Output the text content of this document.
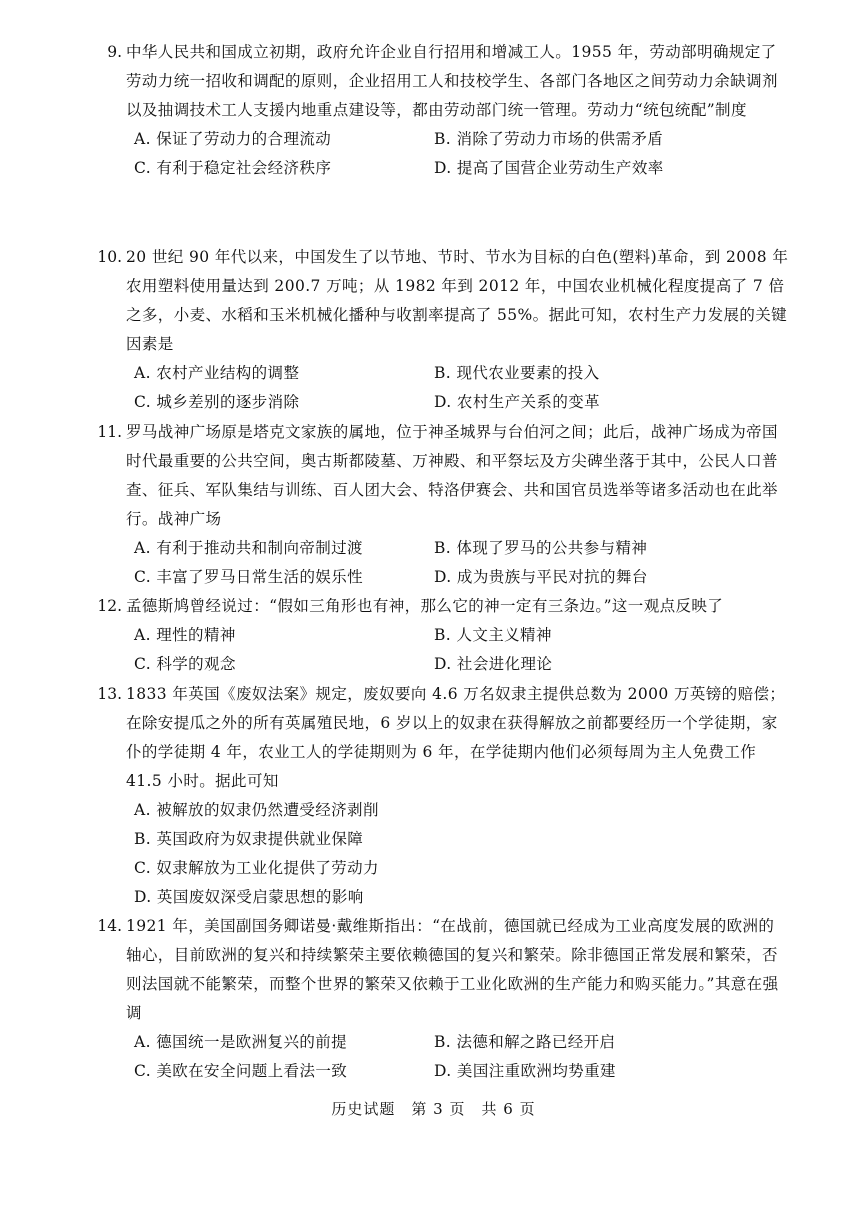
9. 中华人民共和国成立初期，政府允许企业自行招用和增减工人。1955 年，劳动部明确规定了劳动力统一招收和调配的原则，企业招用工人和技校学生、各部门各地区之间劳动力余缺调剂以及抽调技术工人支援内地重点建设等，都由劳动部门统一管理。劳动力“统包统配”制度
A. 保证了劳动力的合理流动	B. 消除了劳动力市场的供需矛盾
C. 有利于稳定社会经济秩序	D. 提高了国营企业劳动生产效率
10. 20 世纪 90 年代以来，中国发生了以节地、节时、节水为目标的白色(塑料)革命，到 2008 年农用塑料使用量达到 200.7 万吨；从 1982 年到 2012 年，中国农业机械化程度提高了 7 倍之多，小麦、水稻和玉米机械化播种与收割率提高了 55%。据此可知，农村生产力发展的关键因素是
A. 农村产业结构的调整	B. 现代农业要素的投入
C. 城乡差别的逐步消除	D. 农村生产关系的变革
11. 罗马战神广场原是塔克文家族的属地，位于神圣城界与台伯河之间；此后，战神广场成为帝国时代最重要的公共空间，奥古斯都陵墓、万神殿、和平祭坛及方尖碑坐落于其中，公民人口普查、征兵、军队集结与训练、百人团大会、特洛伊赛会、共和国官员选举等诸多活动也在此举行。战神广场
A. 有利于推动共和制向帝制过渡	B. 体现了罗马的公共参与精神
C. 丰富了罗马日常生活的娱乐性	D. 成为贵族与平民对抗的舞台
12. 孟德斯鸠曾经说过：“假如三角形也有神，那么它的神一定有三条边。”这一观点反映了
A. 理性的精神	B. 人文主义精神
C. 科学的观念	D. 社会进化理论
13. 1833 年英国《废奴法案》规定，废奴要向 4.6 万名奴隶主提供总数为 2000 万英镑的赔偿；在除安提瓜之外的所有英属殖民地，6 岁以上的奴隶在获得解放之前都要经历一个学徒期，家仆的学徒期 4 年，农业工人的学徒期则为 6 年，在学徒期内他们必须每周为主人免费工作 41.5 小时。据此可知
A. 被解放的奴隶仍然遭受经济剥削
B. 英国政府为奴隶提供就业保障
C. 奴隶解放为工业化提供了劳动力
D. 英国废奴深受启蒙思想的影响
14. 1921 年，美国副国务卿诺曼·戴维斯指出：“在战前，德国就已经成为工业高度发展的欧洲的轴心，目前欧洲的复兴和持续繁荣主要依赖德国的复兴和繁荣。除非德国正常发展和繁荣，否则法国就不能繁荣，而整个世界的繁荣又依赖于工业化欧洲的生产能力和购买能力。”其意在强调
A. 德国统一是欧洲复兴的前提	B. 法德和解之路已经开启
C. 美欧在安全问题上看法一致	D. 美国注重欧洲均势重建
历史试题　第 3 页　共 6 页
